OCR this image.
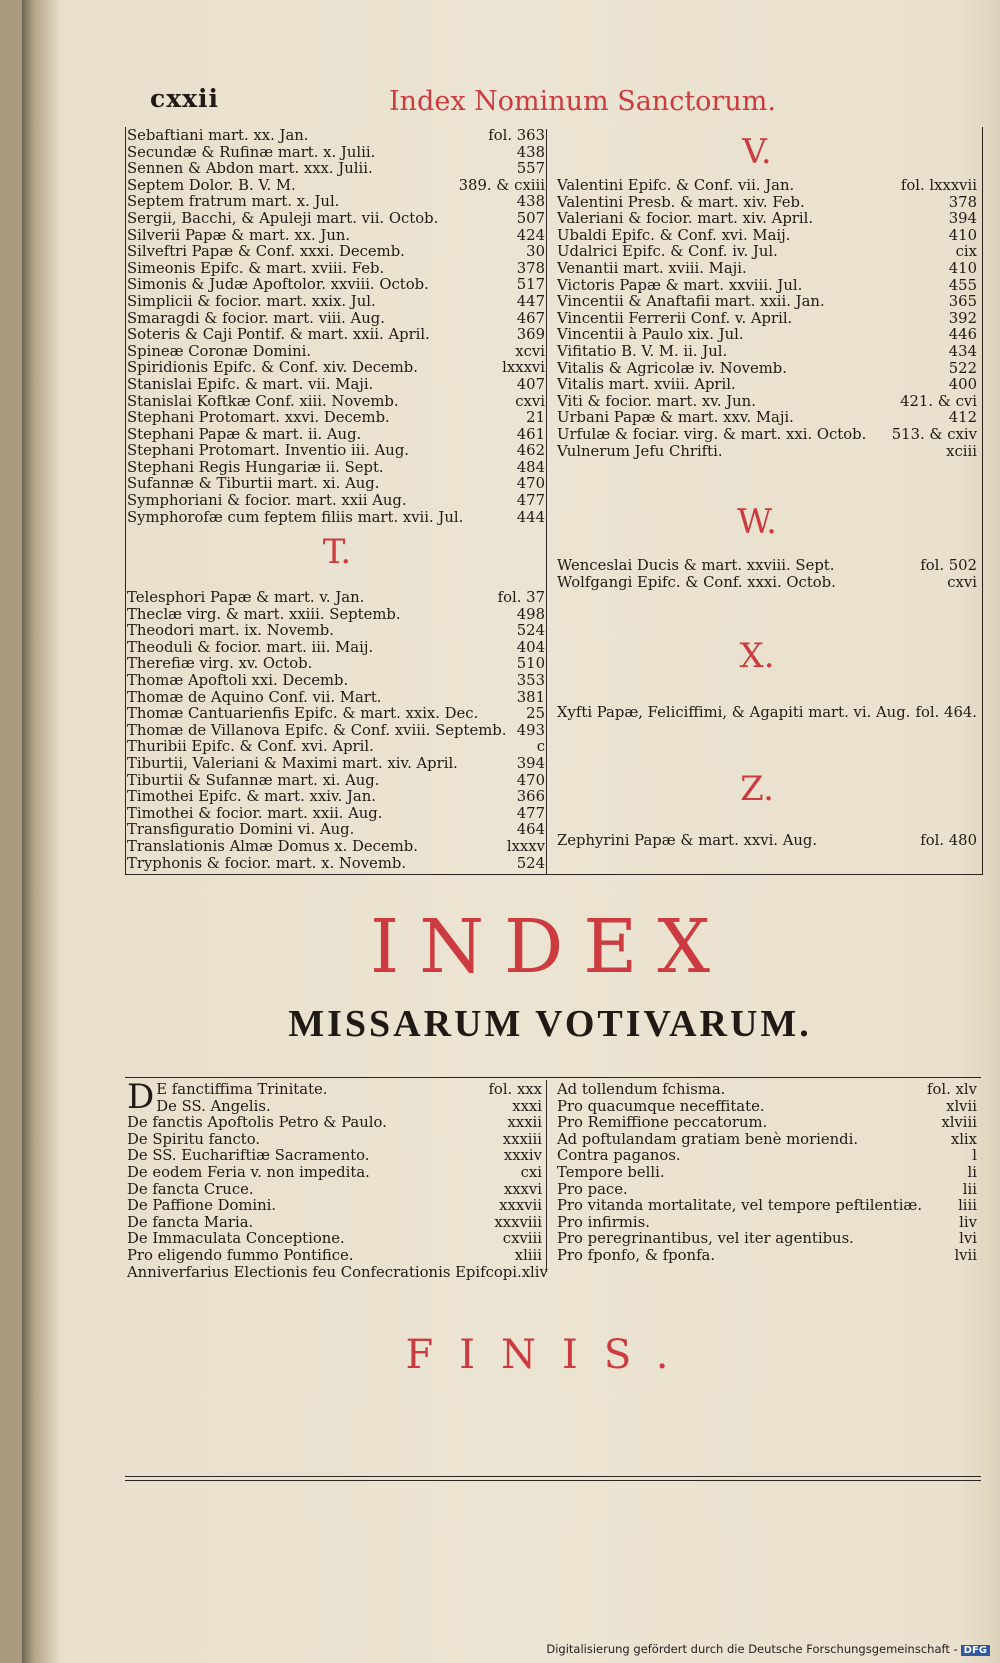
cxxii	Index Nominum Sanctorum.
Sebaftiani mart. xx. Jan.	fol. 363
Secundæ & Rufinæ mart. x. Julii.	438
Sennen & Abdon mart. xxx. Julii.	557
Septem Dolor. B. V. M.	389. & cxiii
Septem fratrum mart. x. Jul.	438
Sergii, Bacchi, & Apuleji mart. vii. Octob.	507
Silverii Papæ & mart. xx. Jun.	424
Silveftri Papæ & Conf. xxxi. Decemb.	30
Simeonis Epifc. & mart. xviii. Feb.	378
Simonis & Judæ Apoftolor. xxviii. Octob.	517
Simplicii & focior. mart. xxix. Jul.	447
Smaragdi & focior. mart. viii. Aug.	467
Soteris & Caji Pontif. & mart. xxii. April.	369
Spineæ Coronæ Domini.	xcvi
Spiridionis Epifc. & Conf. xiv. Decemb.	lxxxvi
Stanislai Epifc. & mart. vii. Maji.	407
Stanislai Koftkæ Conf. xiii. Novemb.	cxvi
Stephani Protomart. xxvi. Decemb.	21
Stephani Papæ & mart. ii. Aug.	461
Stephani Protomart. Inventio iii. Aug.	462
Stephani Regis Hungariæ ii. Sept.	484
Sufannæ & Tiburtii mart. xi. Aug.	470
Symphoriani & focior. mart. xxii Aug.	477
Symphorofæ cum feptem filiis mart. xvii. Jul.	444
T.
Telesphori Papæ & mart. v. Jan.	fol. 37
Theclæ virg. & mart. xxiii. Septemb.	498
Theodori mart. ix. Novemb.	524
Theoduli & focior. mart. iii. Maij.	404
Therefiæ virg. xv. Octob.	510
Thomæ Apoftoli xxi. Decemb.	353
Thomæ de Aquino Conf. vii. Mart.	381
Thomæ Cantuarienfis Epifc. & mart. xxix. Dec.	25
Thomæ de Villanova Epifc. & Conf. xviii. Septemb. 493
Thuribii Epifc. & Conf. xvi. April.	c
Tiburtii, Valeriani & Maximi mart. xiv. April.	394
Tiburtii & Sufannæ mart. xi. Aug.	470
Timothei Epifc. & mart. xxiv. Jan.	366
Timothei & focior. mart. xxii. Aug.	477
Transfiguratio Domini vi. Aug.	464
Translationis Almæ Domus x. Decemb.	lxxxv
Tryphonis & focior. mart. x. Novemb.	524
V.
Valentini Epifc. & Conf. vii. Jan.	fol. lxxxvii
Valentini Presb. & mart. xiv. Feb.	378
Valeriani & focior. mart. xiv. April.	394
Ubaldi Epifc. & Conf. xvi. Maij.	410
Udalrici Epifc. & Conf. iv. Jul.	cix
Venantii mart. xviii. Maji.	410
Victoris Papæ & mart. xxviii. Jul.	455
Vincentii & Anaftafii mart. xxii. Jan.	365
Vincentii Ferrerii Conf. v. April.	392
Vincentii à Paulo xix. Jul.	446
Vifitatio B. V. M. ii. Jul.	434
Vitalis & Agricolæ iv. Novemb.	522
Vitalis mart. xviii. April.	400
Viti & focior. mart. xv. Jun.	421. & cvi
Urbani Papæ & mart. xxv. Maji.	412
Urfulæ & fociar. virg. & mart. xxi. Octob. 513. & cxiv
Vulnerum Jefu Chrifti.	xciii
W.
Wenceslai Ducis & mart. xxviii. Sept.	fol. 502
Wolfgangi Epifc. & Conf. xxxi. Octob.	cxvi
X.
Xyfti Papæ, Feliciffimi, & Agapiti mart. vi. Aug. fol. 464.
Z.
Zephyrini Papæ & mart. xxvi. Aug.	fol. 480
INDEX
MISSARUM VOTIVARUM.
D E fanctiffima Trinitate.	fol. xxx
De SS. Angelis.	xxxi
De fanctis Apoftolis Petro & Paulo.	xxxii
De Spiritu fancto.	xxxiii
De SS. Euchariftiæ Sacramento.	xxxiv
De eodem Feria v. non impedita.	cxi
De fancta Cruce.	xxxvi
De Paffione Domini.	xxxvii
De fancta Maria.	xxxviii
De Immaculata Conceptione.	cxviii
Pro eligendo fummo Pontifice.	xliii
Anniverfarius Electionis feu Confecrationis Epifcopi. xliv
Ad tollendum fchisma.	fol. xlv
Pro quacumque neceffitate.	xlvii
Pro Remiffione peccatorum.	xlviii
Ad poftulandam gratiam benè moriendi.	xlix
Contra paganos.	l
Tempore belli.	li
Pro pace.	lii
Pro vitanda mortalitate, vel tempore peftilentiæ. liii
Pro infirmis.	liv
Pro peregrinantibus, vel iter agentibus.	lvi
Pro fponfo, & fponfa.	lvii
FINIS.
Digitalisierung gefördert durch die Deutsche Forschungsgemeinschaft - DFG
